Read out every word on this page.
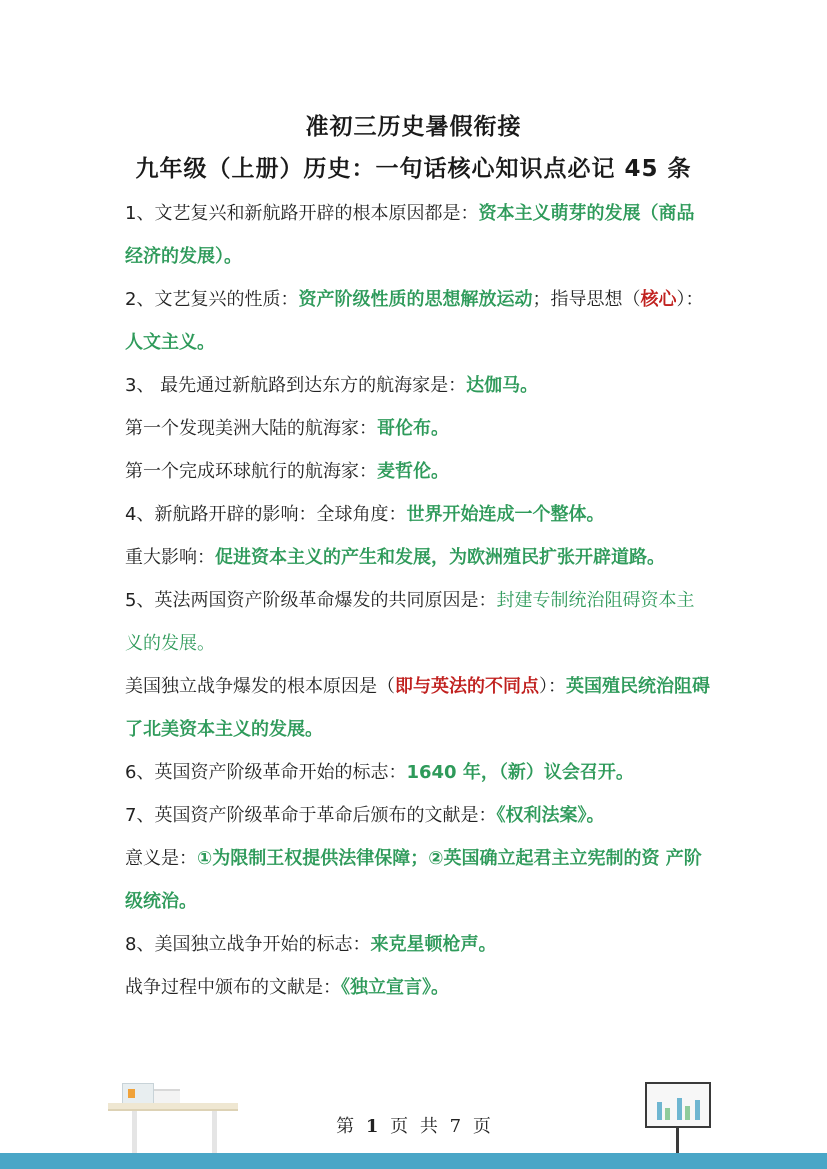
准初三历史暑假衔接
九年级（上册）历史：一句话核心知识点必记 45 条

1、文艺复兴和新航路开辟的根本原因都是：资本主义萌芽的发展（商品经济的发展）。

2、文艺复兴的性质：资产阶级性质的思想解放运动；指导思想（核心）：人文主义。

3、 最先通过新航路到达东方的航海家是：达伽马。

第一个发现美洲大陆的航海家：哥伦布。

第一个完成环球航行的航海家：麦哲伦。

4、新航路开辟的影响：全球角度：世界开始连成一个整体。

重大影响：促进资本主义的产生和发展，为欧洲殖民扩张开辟道路。

5、英法两国资产阶级革命爆发的共同原因是：封建专制统治阻碍资本主义的发展。

美国独立战争爆发的根本原因是（即与英法的不同点）：英国殖民统治阻碍了北美资本主义的发展。

6、英国资产阶级革命开始的标志：1640 年，（新）议会召开。

7、英国资产阶级革命于革命后颁布的文献是：《权利法案》。

意义是：①为限制王权提供法律保障；②英国确立起君主立宪制的资 产阶级统治。

8、美国独立战争开始的标志：来克星顿枪声。

战争过程中颁布的文献是：《独立宣言》。

第 1 页 共 7 页
